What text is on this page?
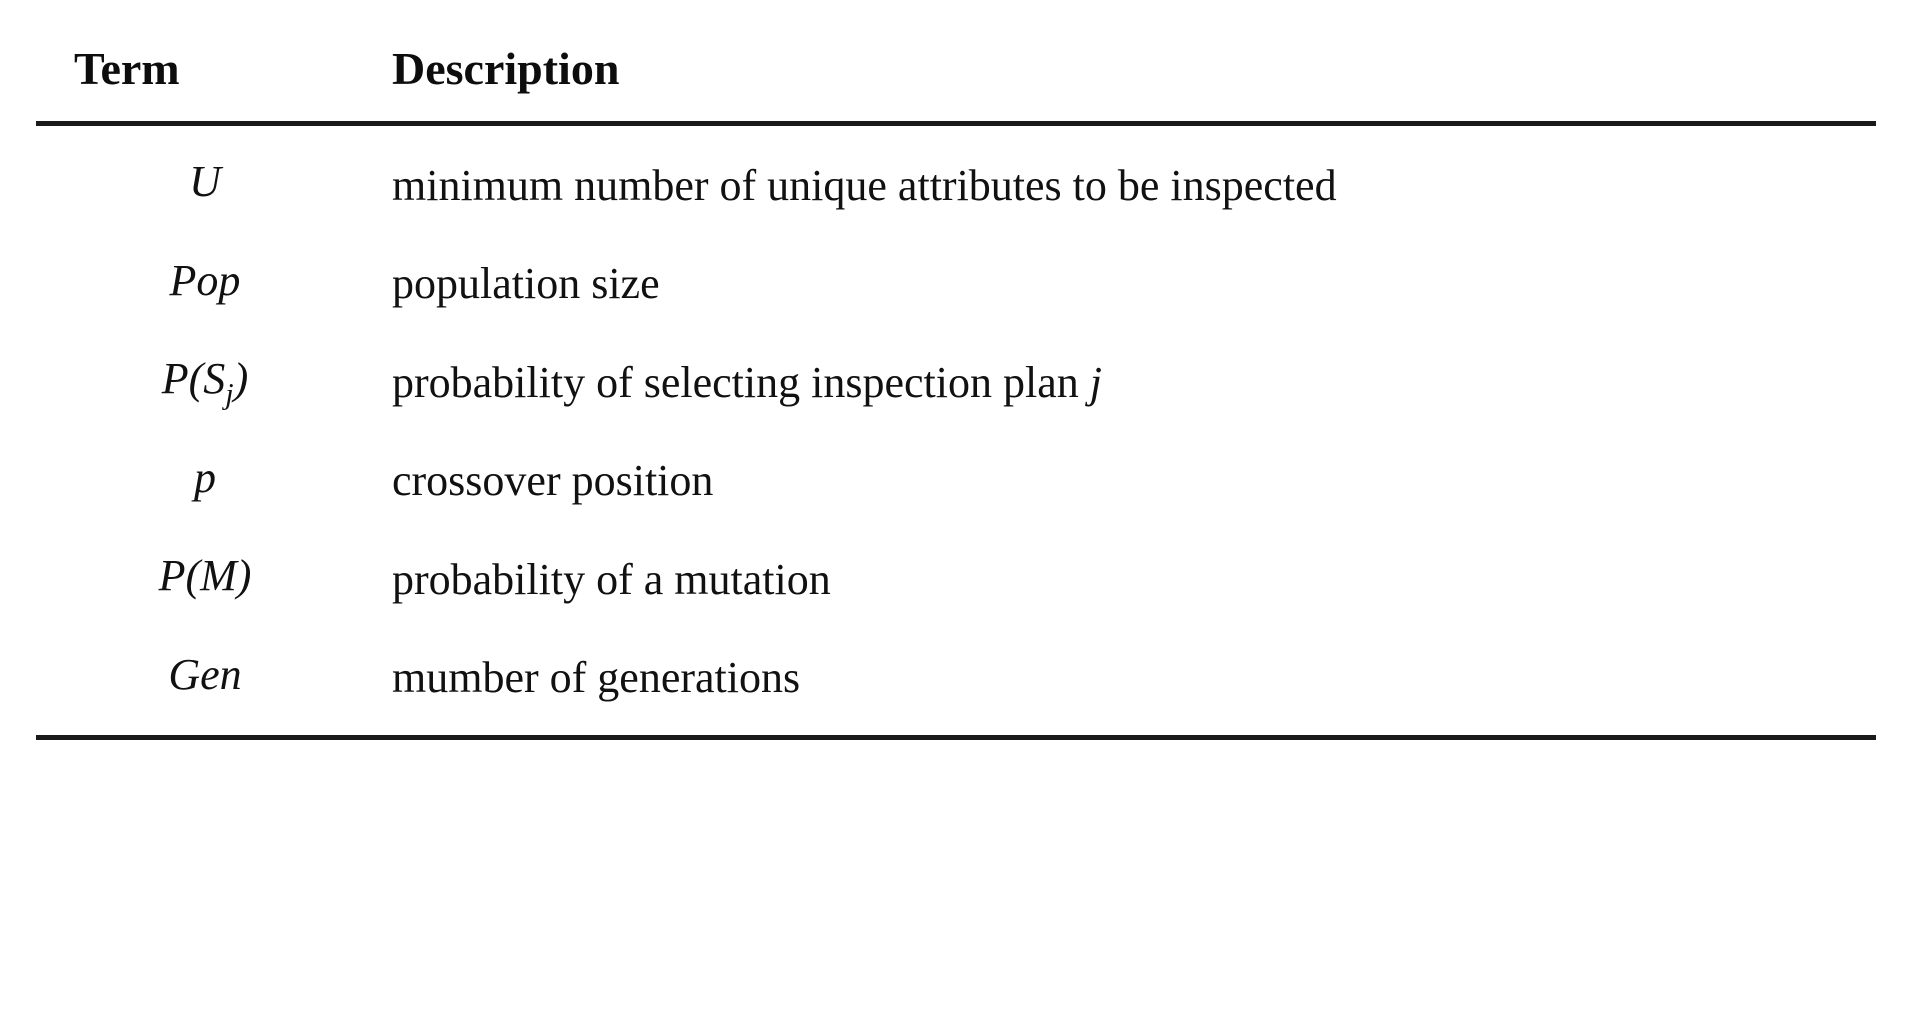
Term	Description
U	minimum number of unique attributes to be inspected
Pop	population size
$P(S_j)$	probability of selecting inspection plan j
p	crossover position
P(M)	probability of a mutation
Gen	mumber of generations
